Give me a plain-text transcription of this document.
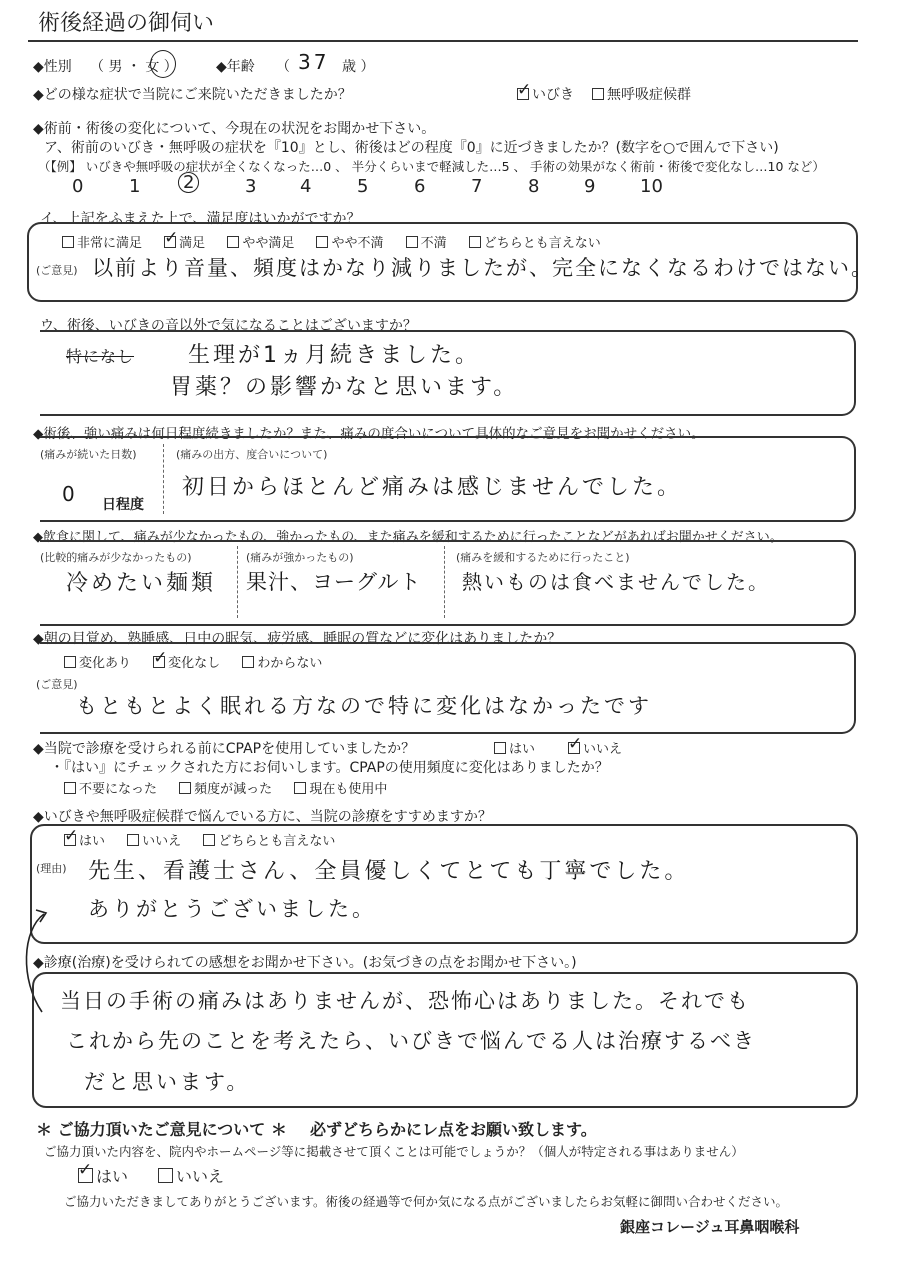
術後経過の御伺い
◆性別 （ 男 ・ 女 ）	◆年齢 （ 37 歳 ）
◆どの様な症状で当院にご来院いただきましたか？ ✓	いびき	無呼吸症候群
◆術前・術後の変化について、今現在の状況をお聞かせ下さい。
ア、術前のいびき・無呼吸の症状を『10』とし、術後はどの程度『0』に近づきましたか？(数字を○で囲んで下さい)
（【例】 いびきや無呼吸の症状が全くなくなった…0 、 半分くらいまで軽減した…5 、 手術の効果がなく術前・術後で変化なし…10 など）
0	1 2	3 4	5	6	7	8 9 10
イ、上記をふまえた上で、満足度はいかがですか？
非常に満足 ✓	満足	やや満足	やや不満	不満	どちらとも言えない
(ご意見) 以前より音量、頻度はかなり減りましたが、完全になくなるわけではない。
ウ、術後、いびきの音以外で気になることはございますか？
特になし 生理が1ヵ月続きました。
胃薬？の影響かなと思います。
◆術後、強い痛みは何日程度続きましたか？また、痛みの度合いについて具体的なご意見をお聞かせください。
(痛みが続いた日数)
0 日程度
(痛みの出方、度合いについて)
初日からほとんど痛みは感じませんでした。
◆飲食に関して、痛みが少なかったもの、強かったもの、また痛みを緩和するために行ったことなどがあればお聞かせください。
(比較的痛みが少なかったもの)
冷めたい麺類
(痛みが強かったもの)
果汁、ヨーグルト
(痛みを緩和するために行ったこと)
熱いものは食べませんでした。
◆朝の目覚め、熟睡感、日中の眠気、疲労感、睡眠の質などに変化はありましたか？
変化あり ✓	変化なし	わからない
(ご意見)
もともとよく眠れる方なので特に変化はなかったです
◆当院で診療を受けられる前にCPAPを使用していましたか？	はい ✓	いいえ
・『はい』にチェックされた方にお伺いします。CPAPの使用頻度に変化はありましたか？
不要になった	頻度が減った	現在も使用中
◆いびきや無呼吸症候群で悩んでいる方に、当院の診療をすすめますか？
✓はい	いいえ	どちらとも言えない
(理由) 先生、看護士さん、全員優しくてとても丁寧でした。
ありがとうございました。
◆診療(治療)を受けられての感想をお聞かせ下さい。(お気づきの点をお聞かせ下さい。)
当日の手術の痛みはありませんが、恐怖心はありました。それでも
これから先のことを考えたら、いびきで悩んでる人は治療するべき
だと思います。
＊ ご協力頂いたご意見について ＊ 必ずどちらかにレ点をお願い致します。
ご協力頂いた内容を、院内やホームページ等に掲載させて頂くことは可能でしょうか？（個人が特定される事はありません）
✓はい	いいえ
ご協力いただきましてありがとうございます。術後の経過等で何か気になる点がございましたらお気軽に御問い合わせください。
銀座コレージュ耳鼻咽喉科
